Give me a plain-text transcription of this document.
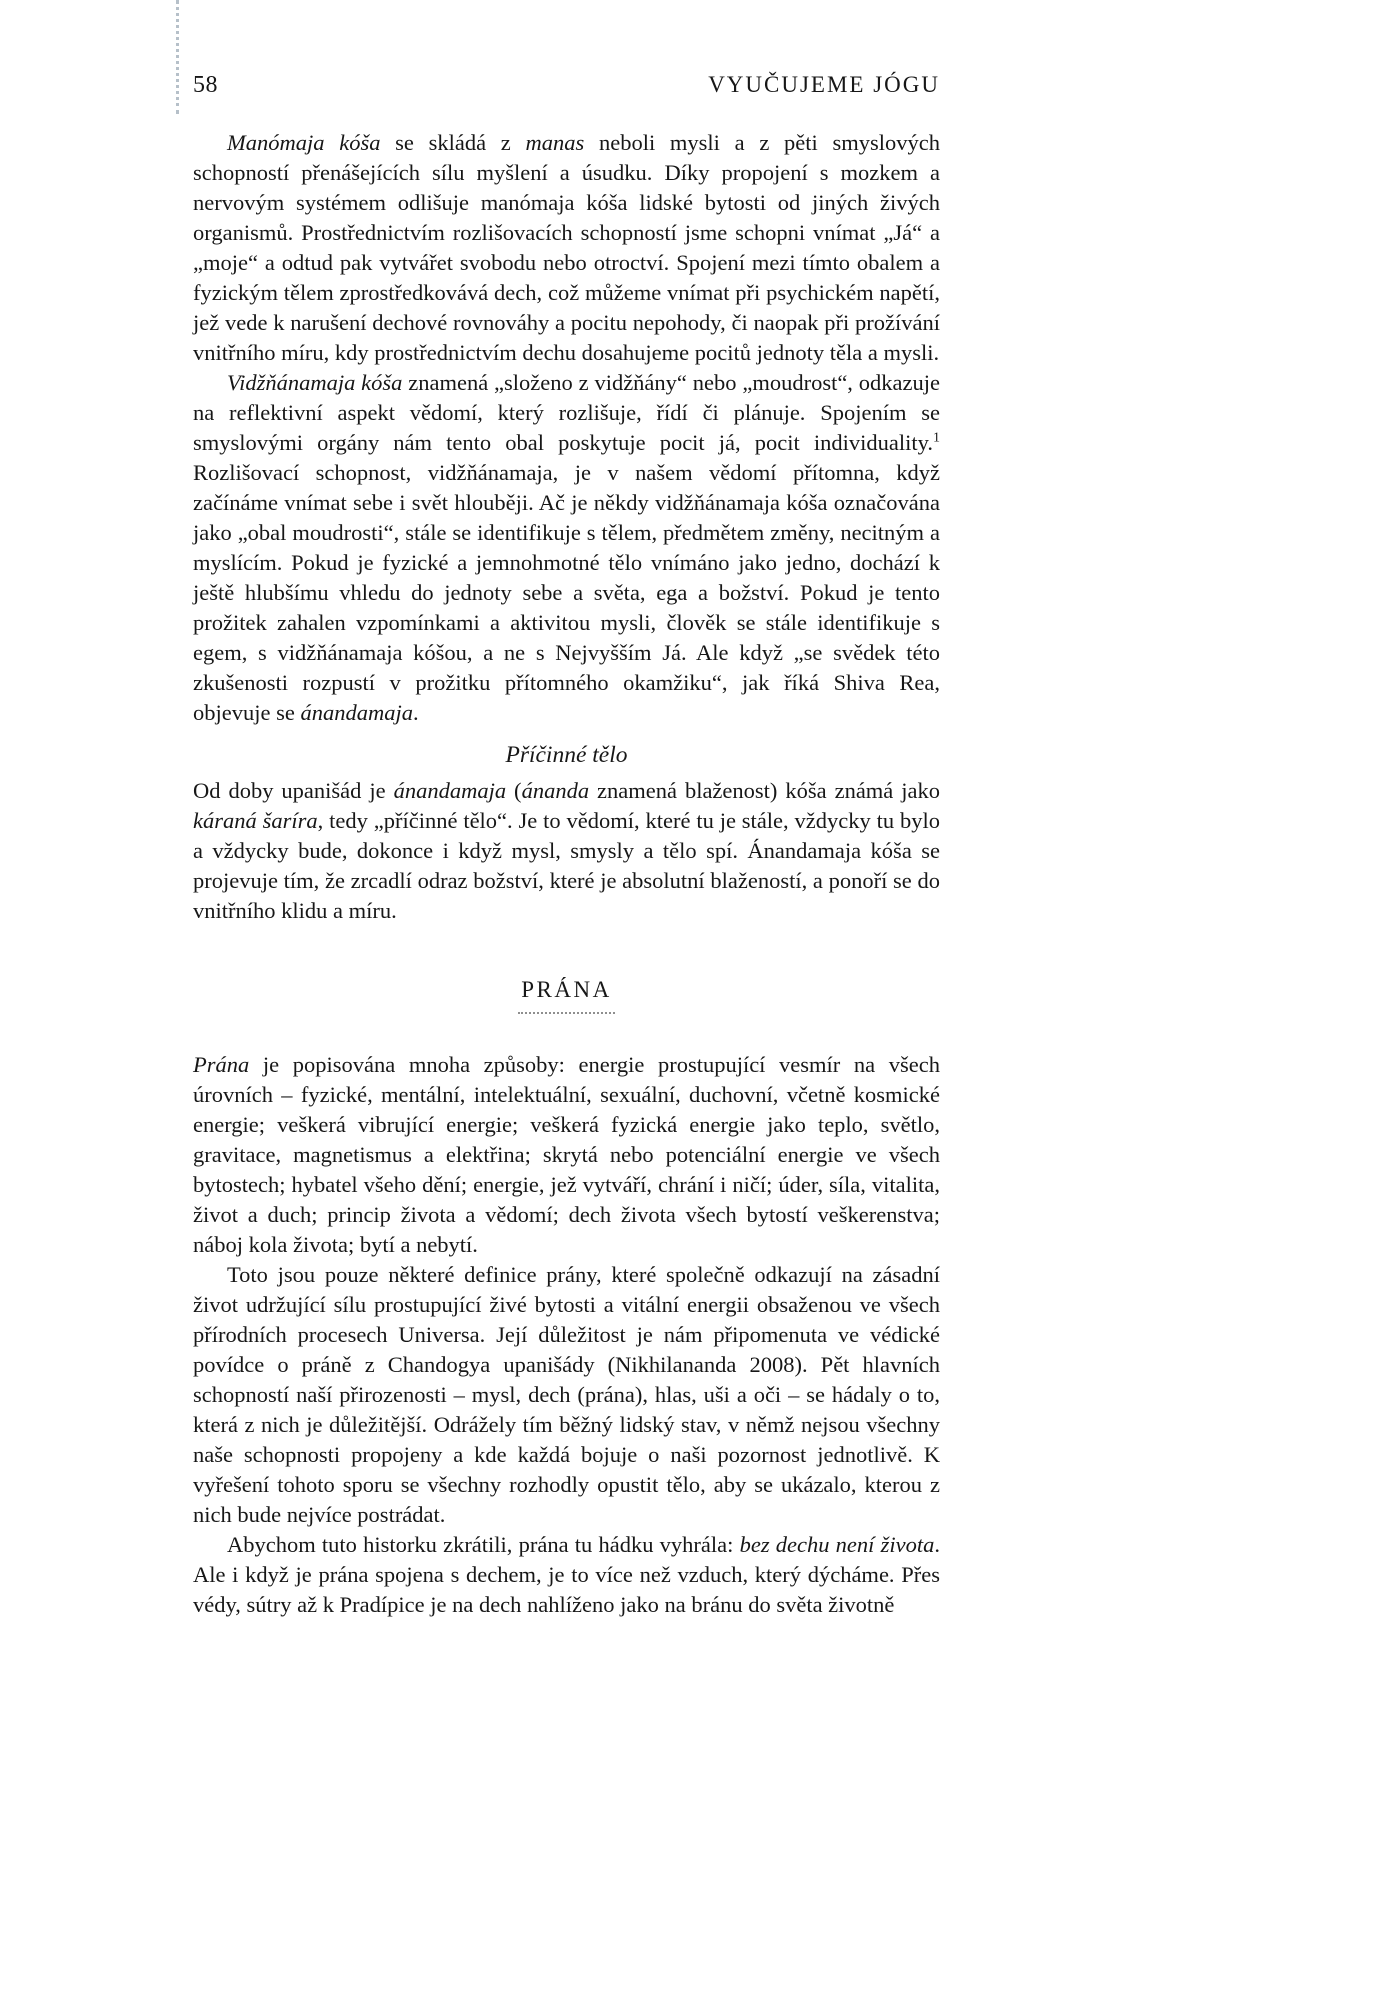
58	VYUČUJEME JÓGU

Manómaja kóša se skládá z manas neboli mysli a z pěti smyslových schopností přenášejících sílu myšlení a úsudku. Díky propojení s mozkem a nervovým systémem odlišuje manómaja kóša lidské bytosti od jiných živých organismů. Prostřednictvím rozlišovacích schopností jsme schopni vnímat „Já“ a „moje“ a odtud pak vytvářet svobodu nebo otroctví. Spojení mezi tímto obalem a fyzickým tělem zprostředkovává dech, což můžeme vnímat při psychickém napětí, jež vede k narušení dechové rovnováhy a pocitu nepohody, či naopak při prožívání vnitřního míru, kdy prostřednictvím dechu dosahujeme pocitů jednoty těla a mysli.

Vidžňánamaja kóša znamená „složeno z vidžňány“ nebo „moudrost“, odkazuje na reflektivní aspekt vědomí, který rozlišuje, řídí či plánuje. Spojením se smyslovými orgány nám tento obal poskytuje pocit já, pocit individuality.$^1$ Rozlišovací schopnost, vidžňánamaja, je v našem vědomí přítomna, když začínáme vnímat sebe i svět hlouběji. Ač je někdy vidžňánamaja kóša označována jako „obal moudrosti“, stále se identifikuje s tělem, předmětem změny, necitným a myslícím. Pokud je fyzické a jemnohmotné tělo vnímáno jako jedno, dochází k ještě hlubšímu vhledu do jednoty sebe a světa, ega a božství. Pokud je tento prožitek zahalen vzpomínkami a aktivitou mysli, člověk se stále identifikuje s egem, s vidžňánamaja kóšou, a ne s Nejvyšším Já. Ale když „se svědek této zkušenosti rozpustí v prožitku přítomného okamžiku“, jak říká Shiva Rea, objevuje se ánandamaja.

Příčinné tělo

Od doby upanišád je ánandamaja (ánanda znamená blaženost) kóša známá jako káraná šaríra, tedy „příčinné tělo“. Je to vědomí, které tu je stále, vždycky tu bylo a vždycky bude, dokonce i když mysl, smysly a tělo spí. Ánandamaja kóša se projevuje tím, že zrcadlí odraz božství, které je absolutní blažeností, a ponoří se do vnitřního klidu a míru.

PRÁNA

Prána je popisována mnoha způsoby: energie prostupující vesmír na všech úrovních – fyzické, mentální, intelektuální, sexuální, duchovní, včetně kosmické energie; veškerá vibrující energie; veškerá fyzická energie jako teplo, světlo, gravitace, magnetismus a elektřina; skrytá nebo potenciální energie ve všech bytostech; hybatel všeho dění; energie, jež vytváří, chrání i ničí; úder, síla, vitalita, život a duch; princip života a vědomí; dech života všech bytostí veškerenstva; náboj kola života; bytí a nebytí.

Toto jsou pouze některé definice prány, které společně odkazují na zásadní život udržující sílu prostupující živé bytosti a vitální energii obsaženou ve všech přírodních procesech Universa. Její důležitost je nám připomenuta ve védické povídce o práně z Chandogya upanišády (Nikhilananda 2008). Pět hlavních schopností naší přirozenosti – mysl, dech (prána), hlas, uši a oči – se hádaly o to, která z nich je důležitější. Odrážely tím běžný lidský stav, v němž nejsou všechny naše schopnosti propojeny a kde každá bojuje o naši pozornost jednotlivě. K vyřešení tohoto sporu se všechny rozhodly opustit tělo, aby se ukázalo, kterou z nich bude nejvíce postrádat.

Abychom tuto historku zkrátili, prána tu hádku vyhrála: bez dechu není života. Ale i když je prána spojena s dechem, je to více než vzduch, který dýcháme. Přes védy, sútry až k Pradípice je na dech nahlíženo jako na bránu do světa životně
